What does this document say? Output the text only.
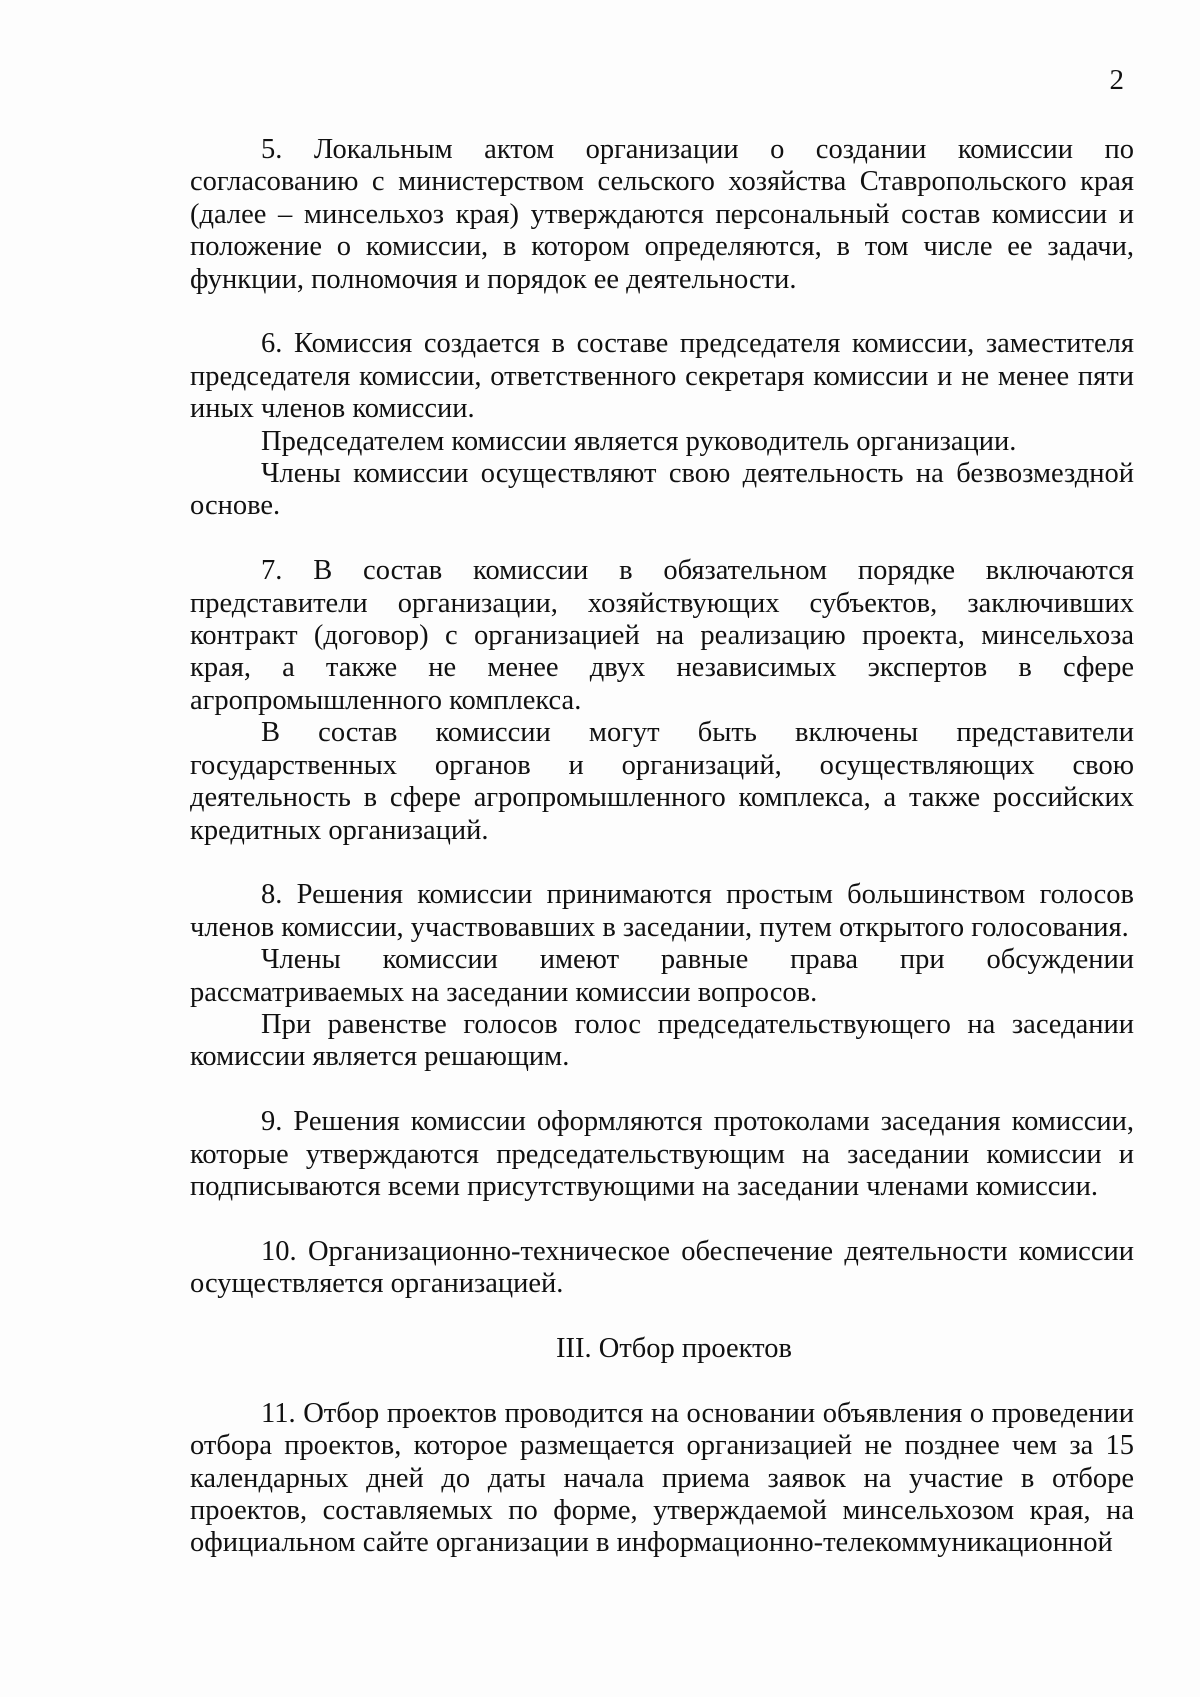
2

5. Локальным актом организации о создании комиссии по согласованию с министерством сельского хозяйства Ставропольского края (далее – минсельхоз края) утверждаются персональный состав комиссии и положение о комиссии, в котором определяются, в том числе ее задачи, функции, полномочия и порядок ее деятельности.

6. Комиссия создается в составе председателя комиссии, заместителя председателя комиссии, ответственного секретаря комиссии и не менее пяти иных членов комиссии.

Председателем комиссии является руководитель организации.

Члены комиссии осуществляют свою деятельность на безвозмездной основе.

7. В состав комиссии в обязательном порядке включаются представители организации, хозяйствующих субъектов, заключивших контракт (договор) с организацией на реализацию проекта, минсельхоза края, а также не менее двух независимых экспертов в сфере агропромышленного комплекса.

В состав комиссии могут быть включены представители государственных органов и организаций, осуществляющих свою деятельность в сфере агропромышленного комплекса, а также российских кредитных организаций.

8. Решения комиссии принимаются простым большинством голосов членов комиссии, участвовавших в заседании, путем открытого голосования.

Члены комиссии имеют равные права при обсуждении рассматриваемых на заседании комиссии вопросов.

При равенстве голосов голос председательствующего на заседании комиссии является решающим.

9. Решения комиссии оформляются протоколами заседания комиссии, которые утверждаются председательствующим на заседании комиссии и подписываются всеми присутствующими на заседании членами комиссии.

10. Организационно-техническое обеспечение деятельности комиссии осуществляется организацией.

III. Отбор проектов

11. Отбор проектов проводится на основании объявления о проведении отбора проектов, которое размещается организацией не позднее чем за 15 календарных дней до даты начала приема заявок на участие в отборе проектов, составляемых по форме, утверждаемой минсельхозом края, на официальном сайте организации в информационно-телекоммуникационной
